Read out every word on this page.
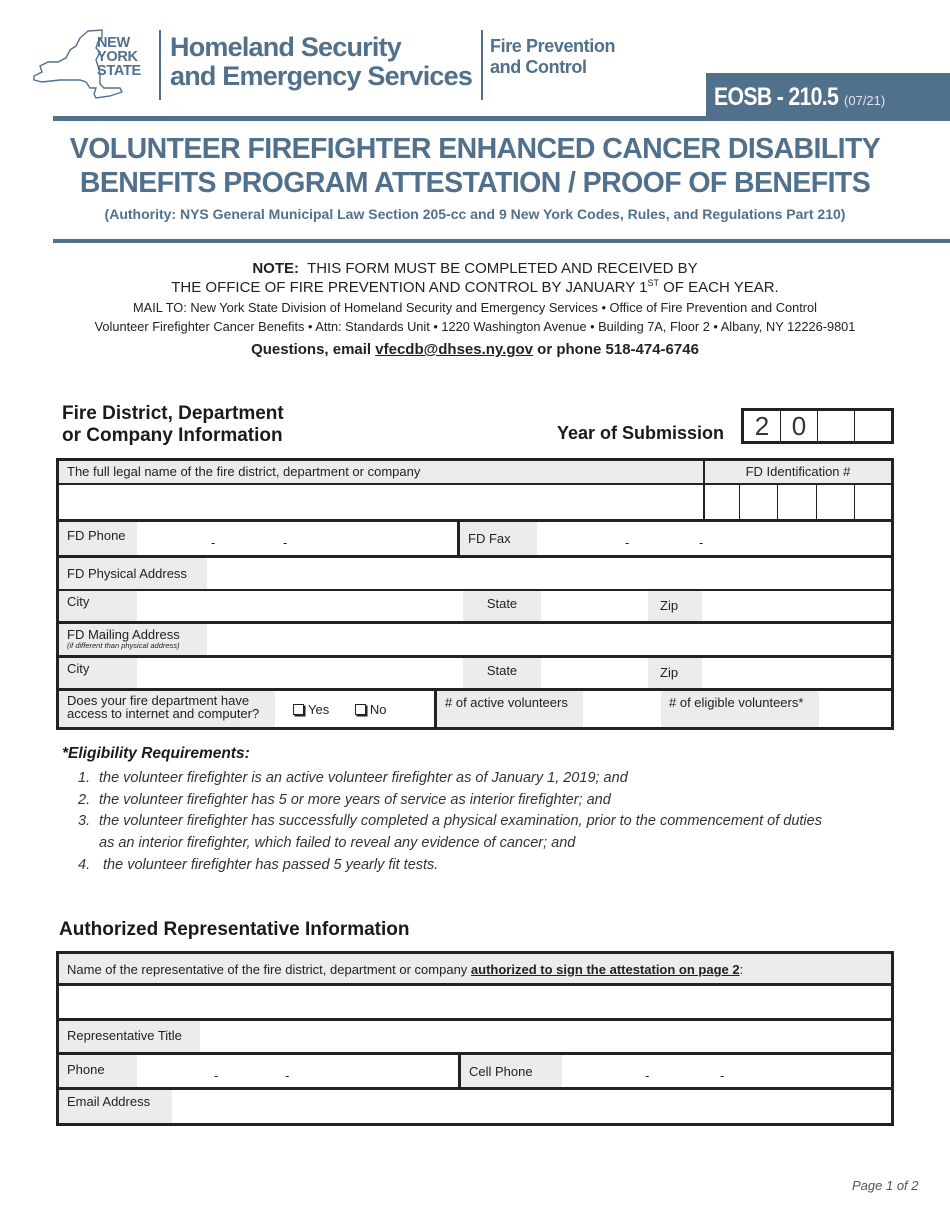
NEW
YORK
STATE
Homeland Security
and Emergency Services
Fire Prevention
and Control
EOSB - 210.5 (07/21)
VOLUNTEER FIREFIGHTER ENHANCED CANCER DISABILITY
BENEFITS PROGRAM ATTESTATION / PROOF OF BENEFITS
(Authority: NYS General Municipal Law Section 205-cc and 9 New York Codes, Rules, and Regulations Part 210)
NOTE: THIS FORM MUST BE COMPLETED AND RECEIVED BY
THE OFFICE OF FIRE PREVENTION AND CONTROL BY JANUARY 1ST OF EACH YEAR.
MAIL TO: New York State Division of Homeland Security and Emergency Services • Office of Fire Prevention and Control
Volunteer Firefighter Cancer Benefits • Attn: Standards Unit • 1220 Washington Avenue • Building 7A, Floor 2 • Albany, NY 12226-9801
Questions, email vfecdb@dhses.ny.gov or phone 518-474-6746
Fire District, Department
or Company Information	Year of Submission	2 0
The full legal name of the fire district, department or company	FD Identification #
FD Phone	-	-	FD Fax	-	-
FD Physical Address
City	State	Zip
FD Mailing Address
(if different than physical address)
City	State	Zip
Does your fire department have
access to internet and computer?	Yes	No	# of active volunteers	# of eligible volunteers*
*Eligibility Requirements:
1. the volunteer firefighter is an active volunteer firefighter as of January 1, 2019; and
2. the volunteer firefighter has 5 or more years of service as interior firefighter; and
3. the volunteer firefighter has successfully completed a physical examination, prior to the commencement of duties as an interior firefighter, which failed to reveal any evidence of cancer; and
4. the volunteer firefighter has passed 5 yearly fit tests.
Authorized Representative Information
Name of the representative of the fire district, department or company authorized to sign the attestation on page 2:
Representative Title
Phone	-	-	Cell Phone	-	-
Email Address
Page 1 of 2
